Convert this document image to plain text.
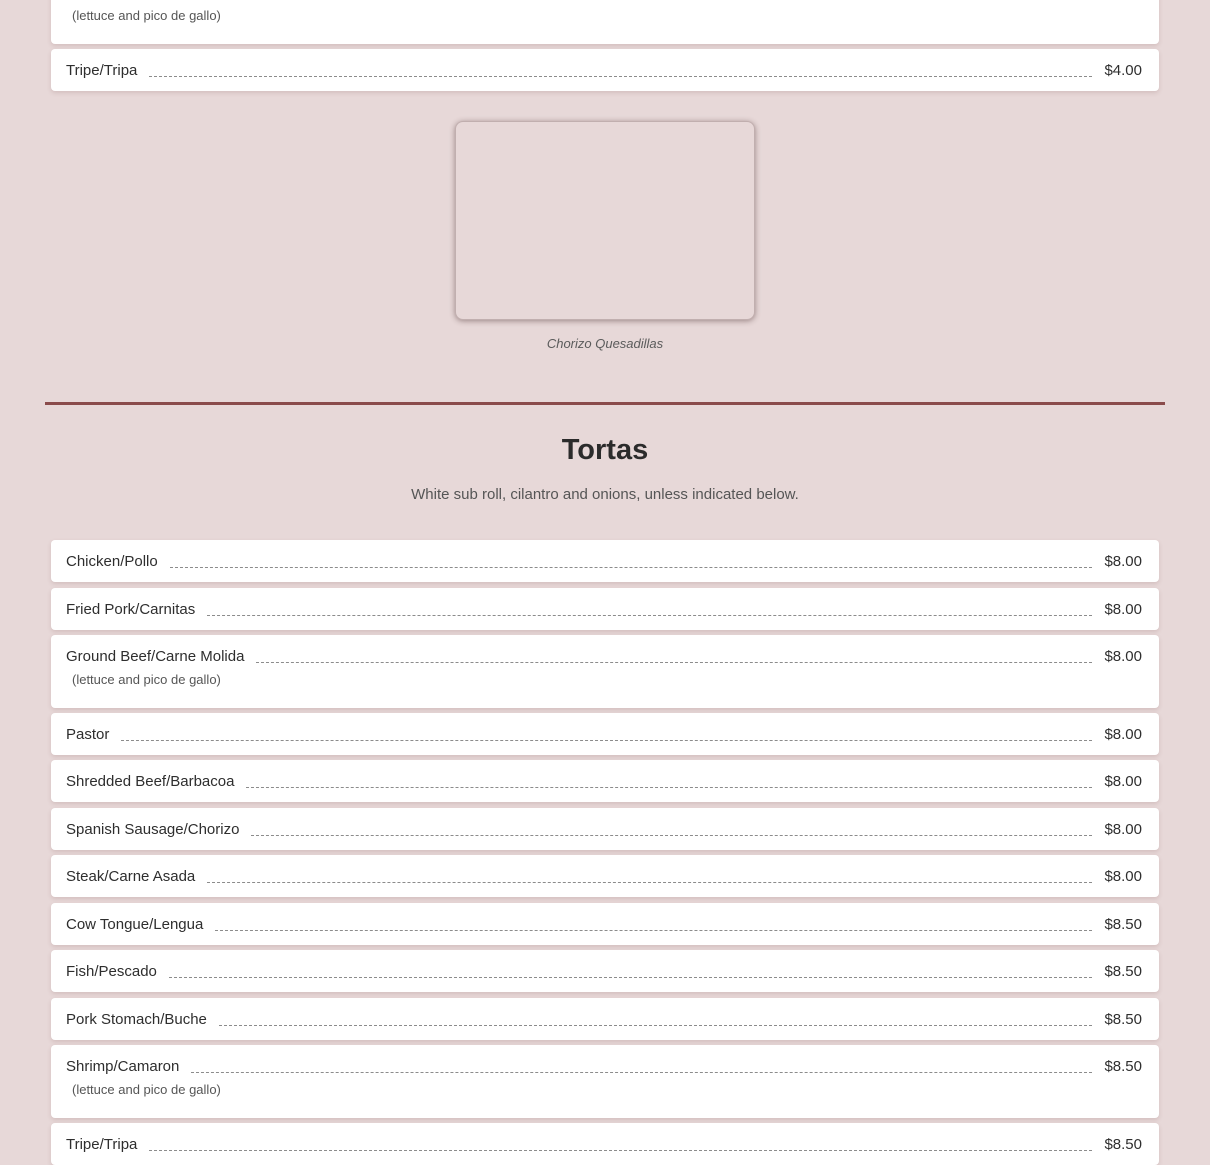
(lettuce and pico de gallo)
Tripe/Tripa	$4.00
Chorizo Quesadillas
Tortas
White sub roll, cilantro and onions, unless indicated below.
Chicken/Pollo	$8.00
Fried Pork/Carnitas	$8.00
Ground Beef/Carne Molida	$8.00
(lettuce and pico de gallo)
Pastor	$8.00
Shredded Beef/Barbacoa	$8.00
Spanish Sausage/Chorizo	$8.00
Steak/Carne Asada	$8.00
Cow Tongue/Lengua	$8.50
Fish/Pescado	$8.50
Pork Stomach/Buche	$8.50
Shrimp/Camaron	$8.50
(lettuce and pico de gallo)
Tripe/Tripa	$8.50
